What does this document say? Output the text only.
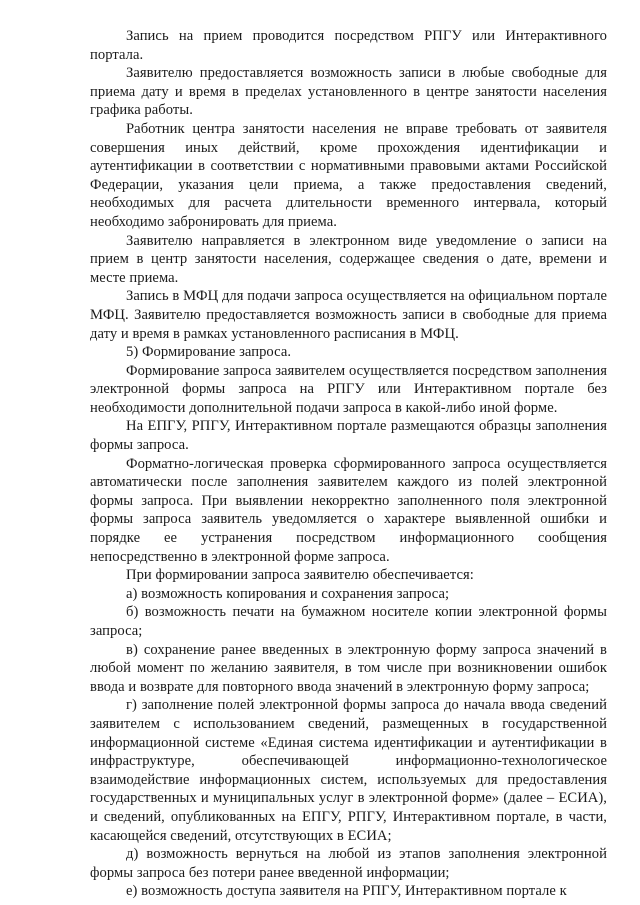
Запись на прием проводится посредством РПГУ или Интерактивного портала.

Заявителю предоставляется возможность записи в любые свободные для приема дату и время в пределах установленного в центре занятости населения графика работы.

Работник центра занятости населения не вправе требовать от заявителя совершения иных действий, кроме прохождения идентификации и аутентификации в соответствии с нормативными правовыми актами Российской Федерации, указания цели приема, а также предоставления сведений, необходимых для расчета длительности временного интервала, который необходимо забронировать для приема.

Заявителю направляется в электронном виде уведомление о записи на прием в центр занятости населения, содержащее сведения о дате, времени и месте приема.

Запись в МФЦ для подачи запроса осуществляется на официальном портале МФЦ. Заявителю предоставляется возможность записи в свободные для приема дату и время в рамках установленного расписания в МФЦ.

5) Формирование запроса.

Формирование запроса заявителем осуществляется посредством заполнения электронной формы запроса на РПГУ или Интерактивном портале без необходимости дополнительной подачи запроса в какой-либо иной форме.

На ЕПГУ, РПГУ, Интерактивном портале размещаются образцы заполнения формы запроса.

Форматно-логическая проверка сформированного запроса осуществляется автоматически после заполнения заявителем каждого из полей электронной формы запроса. При выявлении некорректно заполненного поля электронной формы запроса заявитель уведомляется о характере выявленной ошибки и порядке ее устранения посредством информационного сообщения непосредственно в электронной форме запроса.

При формировании запроса заявителю обеспечивается:

а) возможность копирования и сохранения запроса;

б) возможность печати на бумажном носителе копии электронной формы запроса;

в) сохранение ранее введенных в электронную форму запроса значений в любой момент по желанию заявителя, в том числе при возникновении ошибок ввода и возврате для повторного ввода значений в электронную форму запроса;

г) заполнение полей электронной формы запроса до начала ввода сведений заявителем с использованием сведений, размещенных в государственной информационной системе «Единая система идентификации и аутентификации в инфраструктуре, обеспечивающей информационно-технологическое взаимодействие информационных систем, используемых для предоставления государственных и муниципальных услуг в электронной форме» (далее – ЕСИА), и сведений, опубликованных на ЕПГУ, РПГУ, Интерактивном портале, в части, касающейся сведений, отсутствующих в ЕСИА;

д) возможность вернуться на любой из этапов заполнения электронной формы запроса без потери ранее введенной информации;

е) возможность доступа заявителя на РПГУ, Интерактивном портале к
